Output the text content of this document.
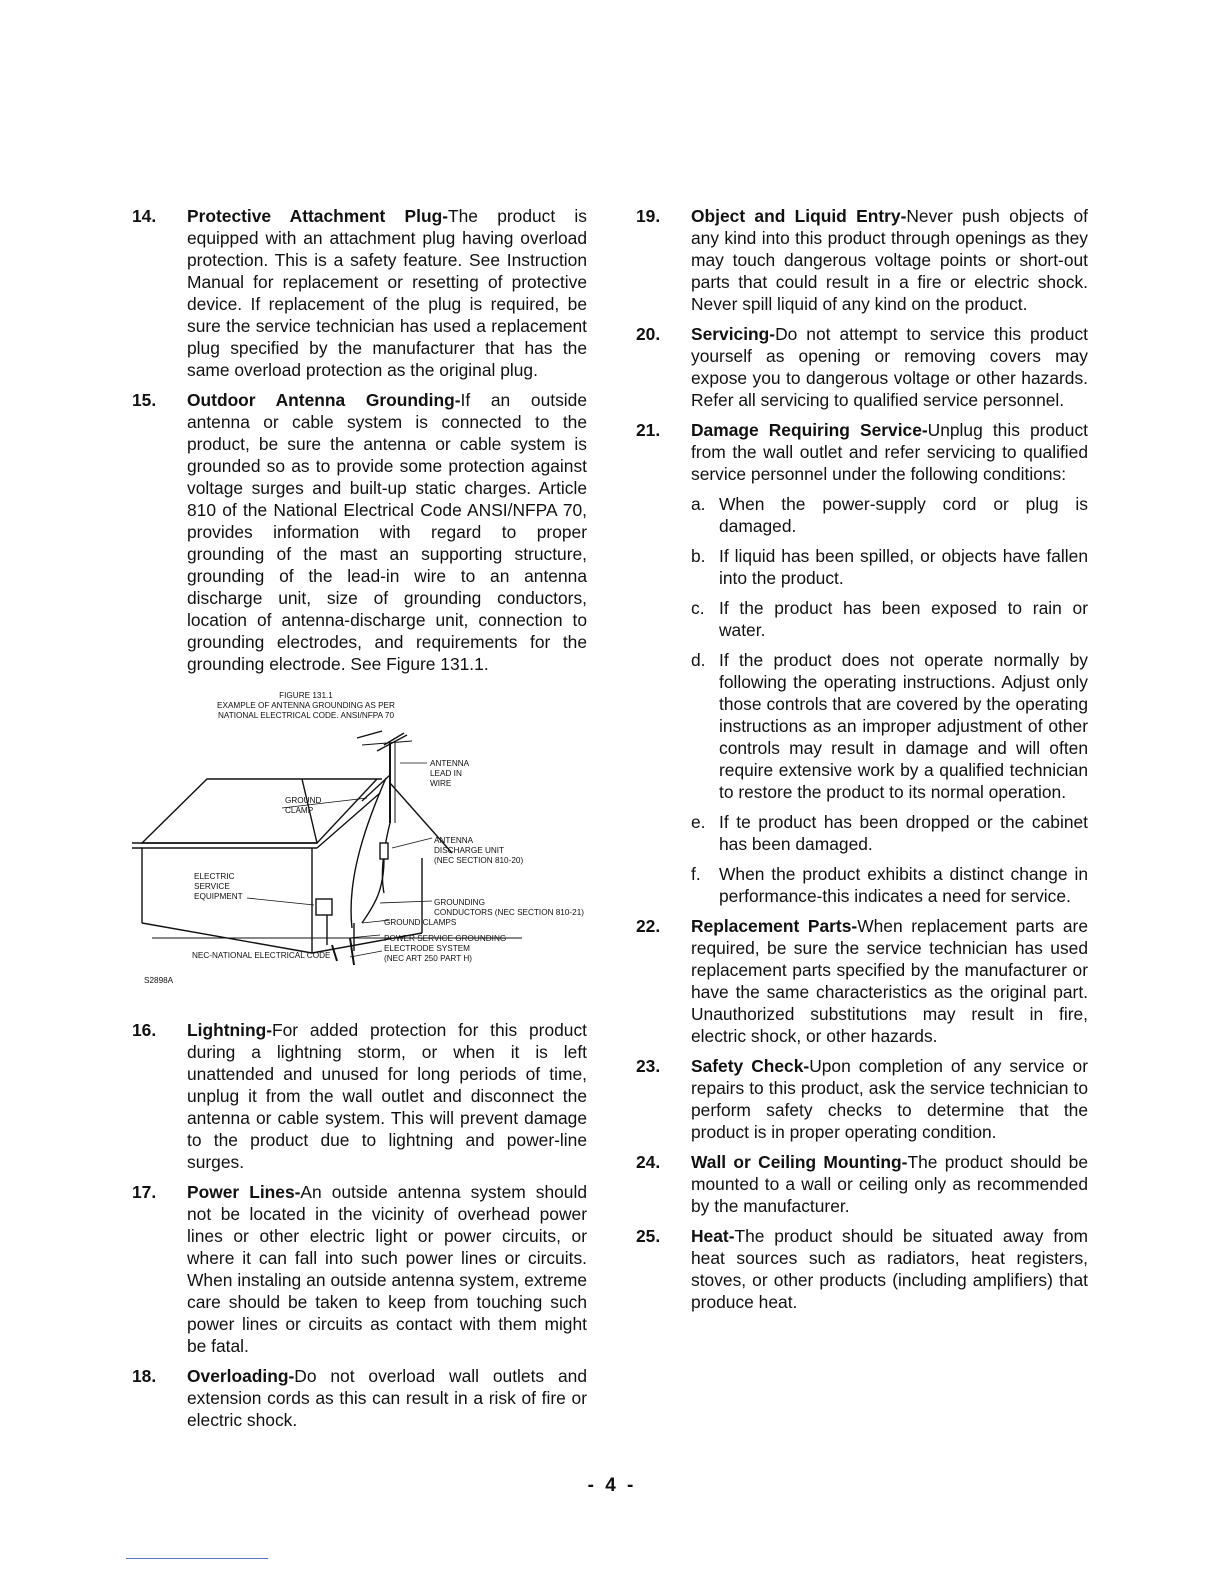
14.	Protective Attachment Plug-The product is equipped with an attachment plug having overload protection. This is a safety feature. See Instruction Manual for replacement or resetting of protective device. If replacement of the plug is required, be sure the service technician has used a replacement plug specified by the manufacturer that has the same overload protection as the original plug.
15.	Outdoor Antenna Grounding-If an outside antenna or cable system is connected to the product, be sure the antenna or cable system is grounded so as to provide some protection against voltage surges and built-up static charges. Article 810 of the National Electrical Code ANSI/NFPA 70, provides information with regard to proper grounding of the mast an supporting structure, grounding of the lead-in wire to an antenna discharge unit, size of grounding conductors, location of antenna-discharge unit, connection to grounding electrodes, and requirements for the grounding electrode. See Figure 131.1.
FIGURE 131.1
EXAMPLE OF ANTENNA GROUNDING AS PER
NATIONAL ELECTRICAL CODE. ANSI/NFPA 70
ANTENNA
LEAD IN
WIRE
GROUND
CLAMP
ANTENNA
DISCHARGE UNIT
(NEC SECTION 810-20)
ELECTRIC
SERVICE
EQUIPMENT
GROUNDING
CONDUCTORS (NEC SECTION 810-21)
GROUND CLAMPS
POWER SERVICE GROUNDING
ELECTRODE SYSTEM
(NEC ART 250 PART H)
NEC-NATIONAL ELECTRICAL CODE
S2898A
16.	Lightning-For added protection for this product during a lightning storm, or when it is left unattended and unused for long periods of time, unplug it from the wall outlet and disconnect the antenna or cable system. This will prevent damage to the product due to lightning and power-line surges.
17.	Power Lines-An outside antenna system should not be located in the vicinity of overhead power lines or other electric light or power circuits, or where it can fall into such power lines or circuits. When instaling an outside antenna system, extreme care should be taken to keep from touching such power lines or circuits as contact with them might be fatal.
18.	Overloading-Do not overload wall outlets and extension cords as this can result in a risk of fire or electric shock.
19.	Object and Liquid Entry-Never push objects of any kind into this product through openings as they may touch dangerous voltage points or short-out parts that could result in a fire or electric shock. Never spill liquid of any kind on the product.
20.	Servicing-Do not attempt to service this product yourself as opening or removing covers may expose you to dangerous voltage or other hazards. Refer all servicing to qualified service personnel.
21.	Damage Requiring Service-Unplug this product from the wall outlet and refer servicing to qualified service personnel under the following conditions:
a. When the power-supply cord or plug is damaged.
b. If liquid has been spilled, or objects have fallen into the product.
c. If the product has been exposed to rain or water.
d. If the product does not operate normally by following the operating instructions. Adjust only those controls that are covered by the operating instructions as an improper adjustment of other controls may result in damage and will often require extensive work by a qualified technician to restore the product to its normal operation.
e. If te product has been dropped or the cabinet has been damaged.
f.	When the product exhibits a distinct change in performance-this indicates a need for service.
22.	Replacement Parts-When replacement parts are required, be sure the service technician has used replacement parts specified by the manufacturer or have the same characteristics as the original part. Unauthorized substitutions may result in fire, electric shock, or other hazards.
23.	Safety Check-Upon completion of any service or repairs to this product, ask the service technician to perform safety checks to determine that the product is in proper operating condition.
24.	Wall or Ceiling Mounting-The product should be mounted to a wall or ceiling only as recommended by the manufacturer.
25.	Heat-The product should be situated away from heat sources such as radiators, heat registers, stoves, or other products (including amplifiers) that produce heat.
- 4 -
